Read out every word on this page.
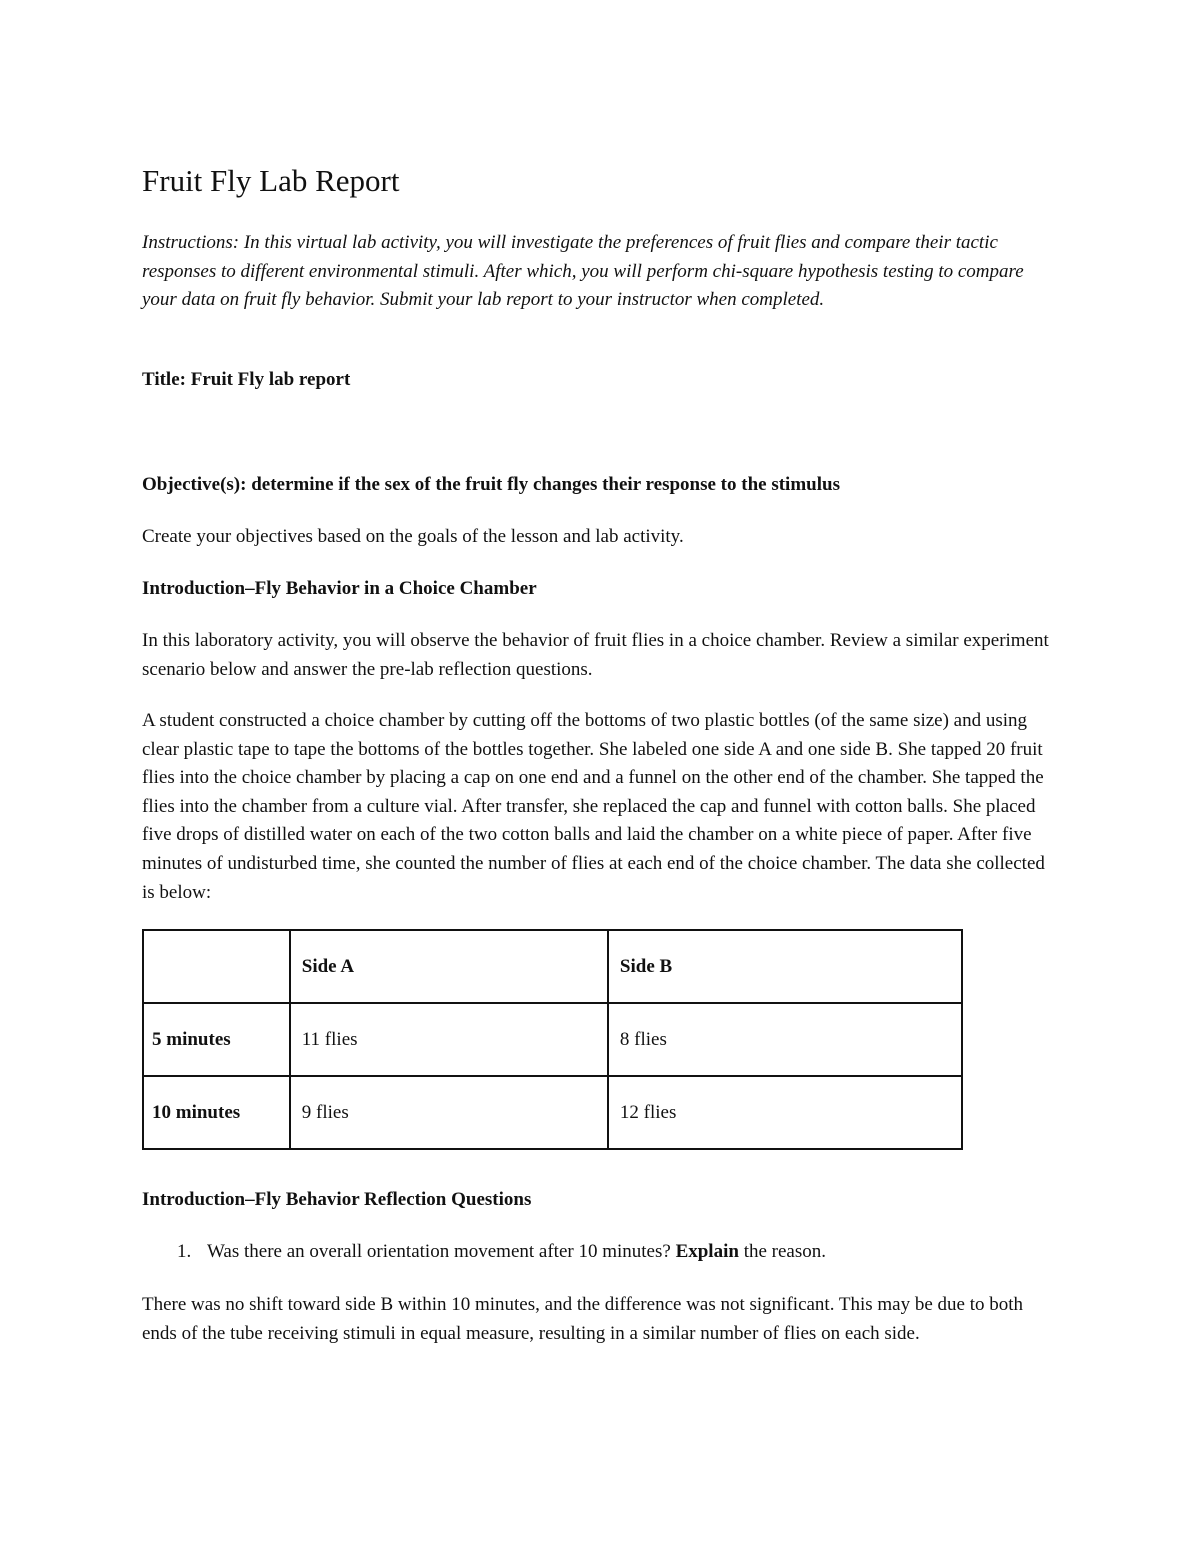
Fruit Fly Lab Report

Instructions: In this virtual lab activity, you will investigate the preferences of fruit flies and compare their tactic responses to different environmental stimuli. After which, you will perform chi-square hypothesis testing to compare your data on fruit fly behavior. Submit your lab report to your instructor when completed.

Title: Fruit Fly lab report

Objective(s): determine if the sex of the fruit fly changes their response to the stimulus

Create your objectives based on the goals of the lesson and lab activity.

Introduction–Fly Behavior in a Choice Chamber

In this laboratory activity, you will observe the behavior of fruit flies in a choice chamber. Review a similar experiment scenario below and answer the pre-lab reflection questions.

A student constructed a choice chamber by cutting off the bottoms of two plastic bottles (of the same size) and using clear plastic tape to tape the bottoms of the bottles together. She labeled one side A and one side B. She tapped 20 fruit flies into the choice chamber by placing a cap on one end and a funnel on the other end of the chamber. She tapped the flies into the chamber from a culture vial. After transfer, she replaced the cap and funnel with cotton balls. She placed five drops of distilled water on each of the two cotton balls and laid the chamber on a white piece of paper. After five minutes of undisturbed time, she counted the number of flies at each end of the choice chamber. The data she collected is below:

	Side A	Side B
5 minutes	11 flies	8 flies
10 minutes	9 flies	12 flies

Introduction–Fly Behavior Reflection Questions

1. Was there an overall orientation movement after 10 minutes? Explain the reason.

There was no shift toward side B within 10 minutes, and the difference was not significant. This may be due to both ends of the tube receiving stimuli in equal measure, resulting in a similar number of flies on each side.
